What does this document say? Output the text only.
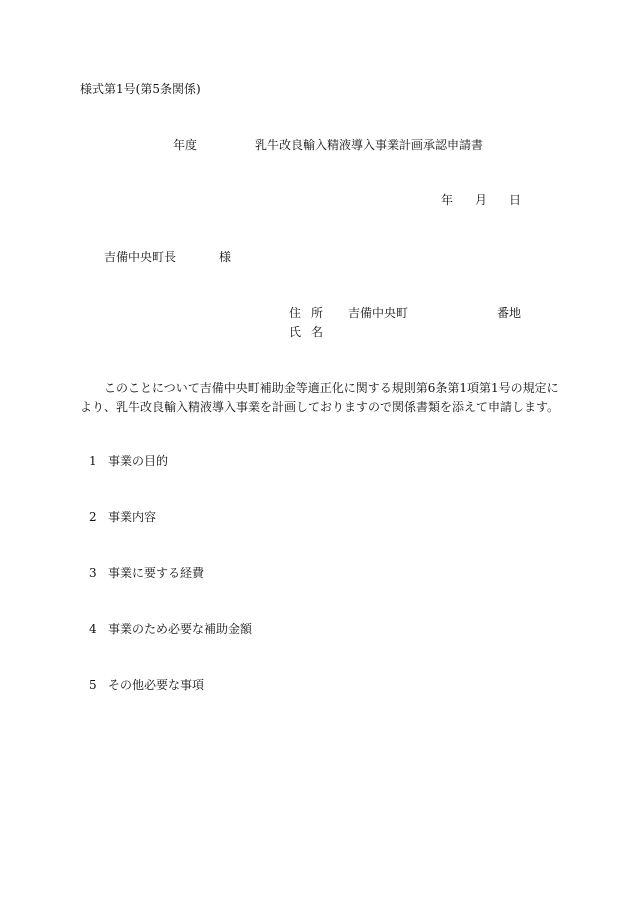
様式第1号(第5条関係)
年度	乳牛改良輸入精液導入事業計画承認申請書
年 月 日
吉備中央町長	様
住所 吉備中央町	番地
氏名

このことについて吉備中央町補助金等適正化に関する規則第6条第1項第1号の規定に
より、乳牛改良輸入精液導入事業を計画しておりますので関係書類を添えて申請します。

1 事業の目的
2 事業内容
3 事業に要する経費
4 事業のため必要な補助金額
5 その他必要な事項
